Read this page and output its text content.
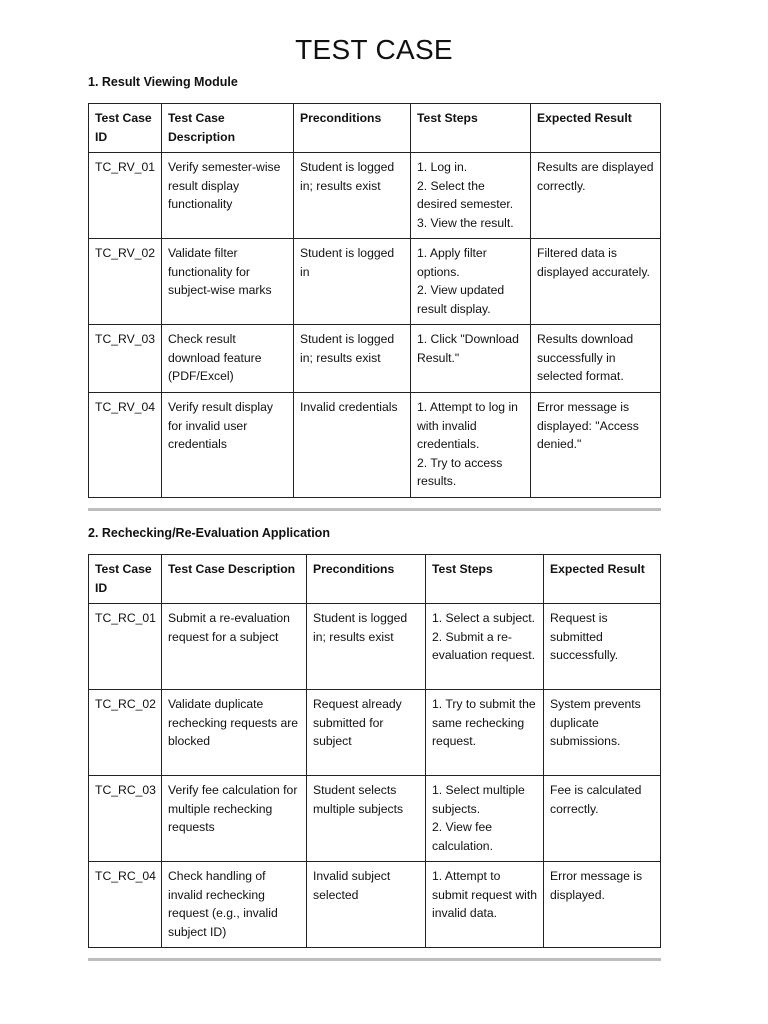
TEST CASE

1. Result Viewing Module

Test Case
ID	Test Case
Description	Preconditions	Test Steps	Expected Result
TC_RV_01	Verify semester-wise result display functionality	Student is logged in; results exist	1. Log in.
2. Select the desired semester.
3. View the result.	Results are displayed correctly.
TC_RV_02	Validate filter functionality for subject-wise marks	Student is logged in	1. Apply filter options.
2. View updated result display.	Filtered data is displayed accurately.
TC_RV_03	Check result download feature (PDF/Excel)	Student is logged in; results exist	1. Click "Download Result."	Results download successfully in selected format.
TC_RV_04	Verify result display for invalid user credentials	Invalid credentials	1. Attempt to log in with invalid credentials.
2. Try to access results.	Error message is displayed: "Access denied."

2. Rechecking/Re-Evaluation Application

Test Case
ID	Test Case Description	Preconditions	Test Steps	Expected Result
TC_RC_01	Submit a re-evaluation request for a subject	Student is logged in; results exist	1. Select a subject.
2. Submit a re-evaluation request.	Request is submitted successfully.
TC_RC_02	Validate duplicate rechecking requests are blocked	Request already submitted for subject	1. Try to submit the same rechecking request.	System prevents duplicate submissions.
TC_RC_03	Verify fee calculation for multiple rechecking requests	Student selects multiple subjects	1. Select multiple subjects.
2. View fee calculation.	Fee is calculated correctly.
TC_RC_04	Check handling of invalid rechecking request (e.g., invalid subject ID)	Invalid subject selected	1. Attempt to submit request with invalid data.	Error message is displayed.
